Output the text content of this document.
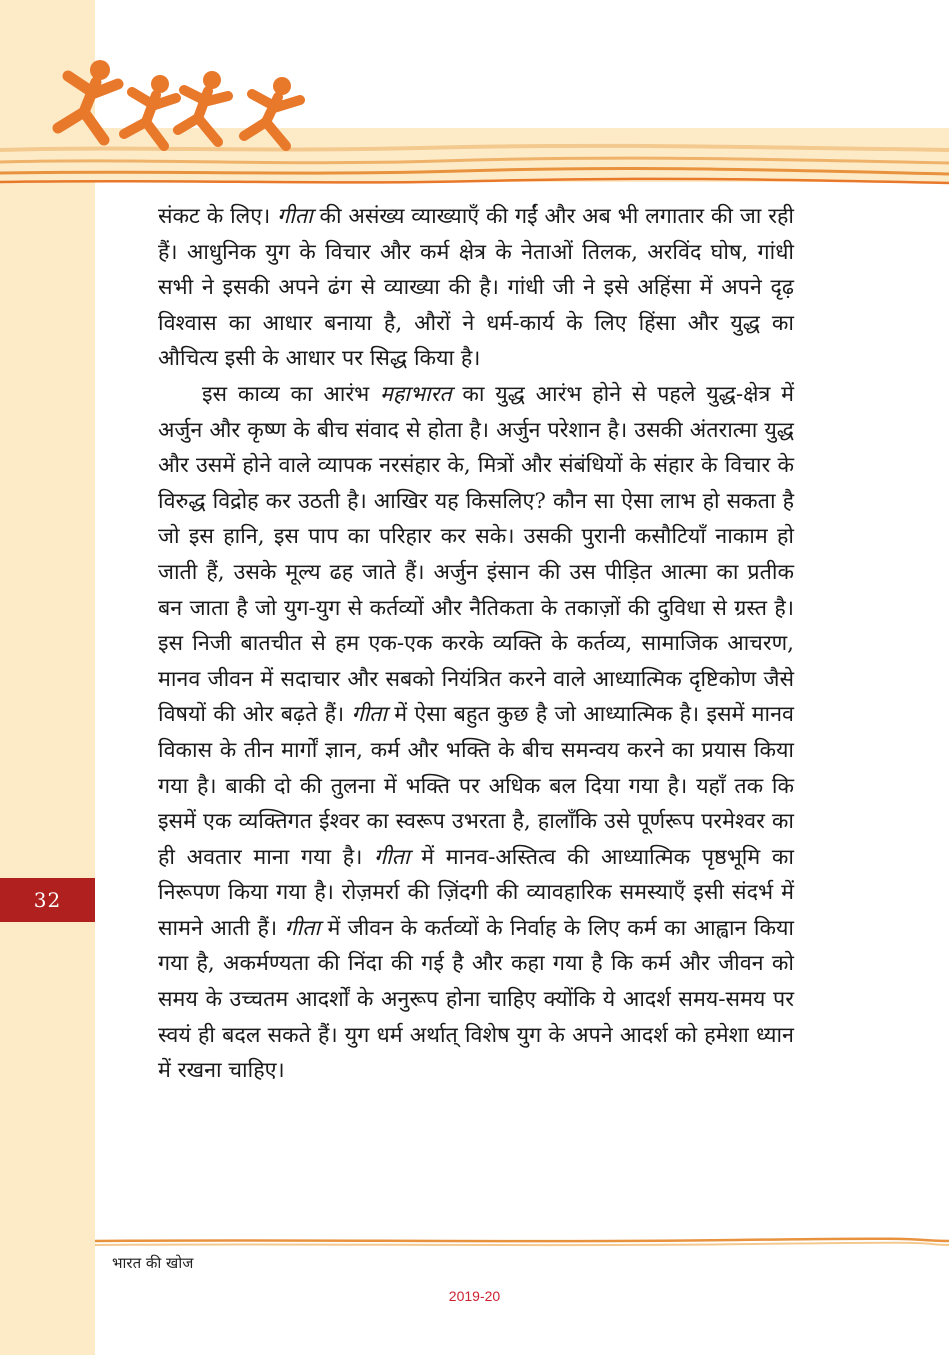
32

संकट के लिए। गीता की असंख्य व्याख्याएँ की गईं और अब भी लगातार की जा रही हैं। आधुनिक युग के विचार और कर्म क्षेत्र के नेताओं तिलक, अरविंद घोष, गांधी सभी ने इसकी अपने ढंग से व्याख्या की है। गांधी जी ने इसे अहिंसा में अपने दृढ़ विश्वास का आधार बनाया है, औरों ने धर्म-कार्य के लिए हिंसा और युद्ध का औचित्य इसी के आधार पर सिद्ध किया है।

इस काव्य का आरंभ महाभारत का युद्ध आरंभ होने से पहले युद्ध-क्षेत्र में अर्जुन और कृष्ण के बीच संवाद से होता है। अर्जुन परेशान है। उसकी अंतरात्मा युद्ध और उसमें होने वाले व्यापक नरसंहार के, मित्रों और संबंधियों के संहार के विचार के विरुद्ध विद्रोह कर उठती है। आखिर यह किसलिए? कौन सा ऐसा लाभ हो सकता है जो इस हानि, इस पाप का परिहार कर सके। उसकी पुरानी कसौटियाँ नाकाम हो जाती हैं, उसके मूल्य ढह जाते हैं। अर्जुन इंसान की उस पीड़ित आत्मा का प्रतीक बन जाता है जो युग-युग से कर्तव्यों और नैतिकता के तकाज़ों की दुविधा से ग्रस्त है। इस निजी बातचीत से हम एक-एक करके व्यक्ति के कर्तव्य, सामाजिक आचरण, मानव जीवन में सदाचार और सबको नियंत्रित करने वाले आध्यात्मिक दृष्टिकोण जैसे विषयों की ओर बढ़ते हैं। गीता में ऐसा बहुत कुछ है जो आध्यात्मिक है। इसमें मानव विकास के तीन मार्गों ज्ञान, कर्म और भक्ति के बीच समन्वय करने का प्रयास किया गया है। बाकी दो की तुलना में भक्ति पर अधिक बल दिया गया है। यहाँ तक कि इसमें एक व्यक्तिगत ईश्वर का स्वरूप उभरता है, हालाँकि उसे पूर्णरूप परमेश्वर का ही अवतार माना गया है। गीता में मानव-अस्तित्व की आध्यात्मिक पृष्ठभूमि का निरूपण किया गया है। रोज़मर्रा की ज़िंदगी की व्यावहारिक समस्याएँ इसी संदर्भ में सामने आती हैं। गीता में जीवन के कर्तव्यों के निर्वाह के लिए कर्म का आह्वान किया गया है, अकर्मण्यता की निंदा की गई है और कहा गया है कि कर्म और जीवन को समय के उच्चतम आदर्शों के अनुरूप होना चाहिए क्योंकि ये आदर्श समय-समय पर स्वयं ही बदल सकते हैं। युग धर्म अर्थात् विशेष युग के अपने आदर्श को हमेशा ध्यान में रखना चाहिए।

भारत की खोज
2019-20
